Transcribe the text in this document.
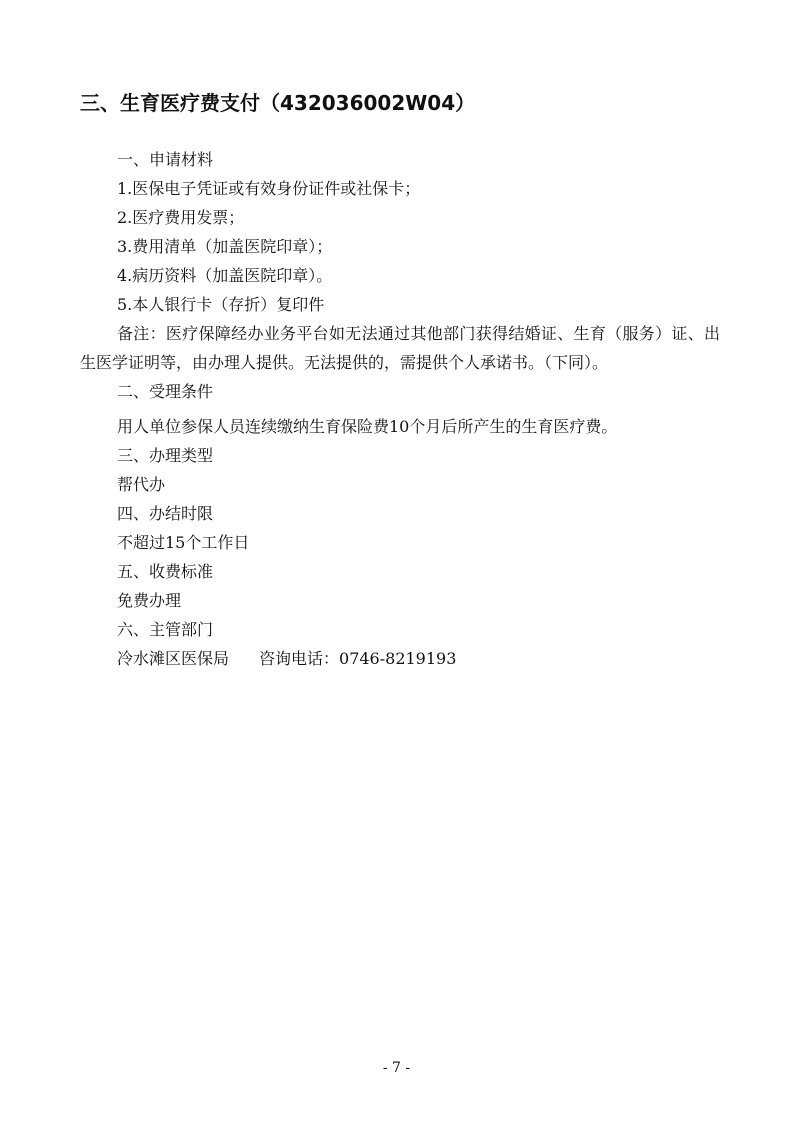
三、生育医疗费支付（432036002W04）

一、申请材料

1.医保电子凭证或有效身份证件或社保卡；

2.医疗费用发票；

3.费用清单（加盖医院印章）；

4.病历资料（加盖医院印章）。

5.本人银行卡（存折）复印件

备注：医疗保障经办业务平台如无法通过其他部门获得结婚证、生育（服务）证、出生医学证明等，由办理人提供。无法提供的，需提供个人承诺书。（下同）。

二、受理条件

用人单位参保人员连续缴纳生育保险费10个月后所产生的生育医疗费。

三、办理类型

帮代办

四、办结时限

不超过15个工作日

五、收费标准

免费办理

六、主管部门

冷水滩区医保局 咨询电话：0746-8219193

- 7 -
